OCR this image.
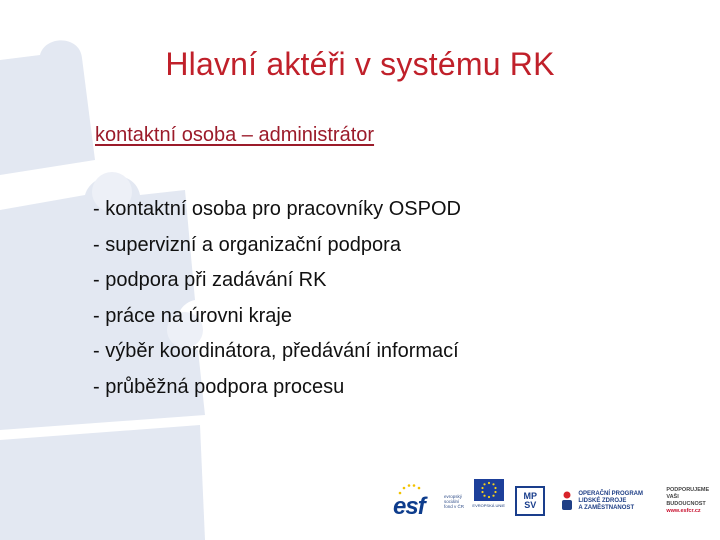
Hlavní aktéři v systému RK
kontaktní osoba – administrátor
- kontaktní osoba pro pracovníky OSPOD
- supervizní a organizační podpora
- podpora při zadávání RK
- práce na úrovni kraje
- výběr koordinátora, předávání informací
- průběžná podpora procesu
esf	evropský
sociální
fond v ČR	EVROPSKÁ UNIE
MP
SV
OPERAČNÍ PROGRAM
LIDSKÉ ZDROJE
A ZAMĚSTNANOST
PODPORUJEME
VAŠI BUDOUCNOST
www.esfcr.cz
